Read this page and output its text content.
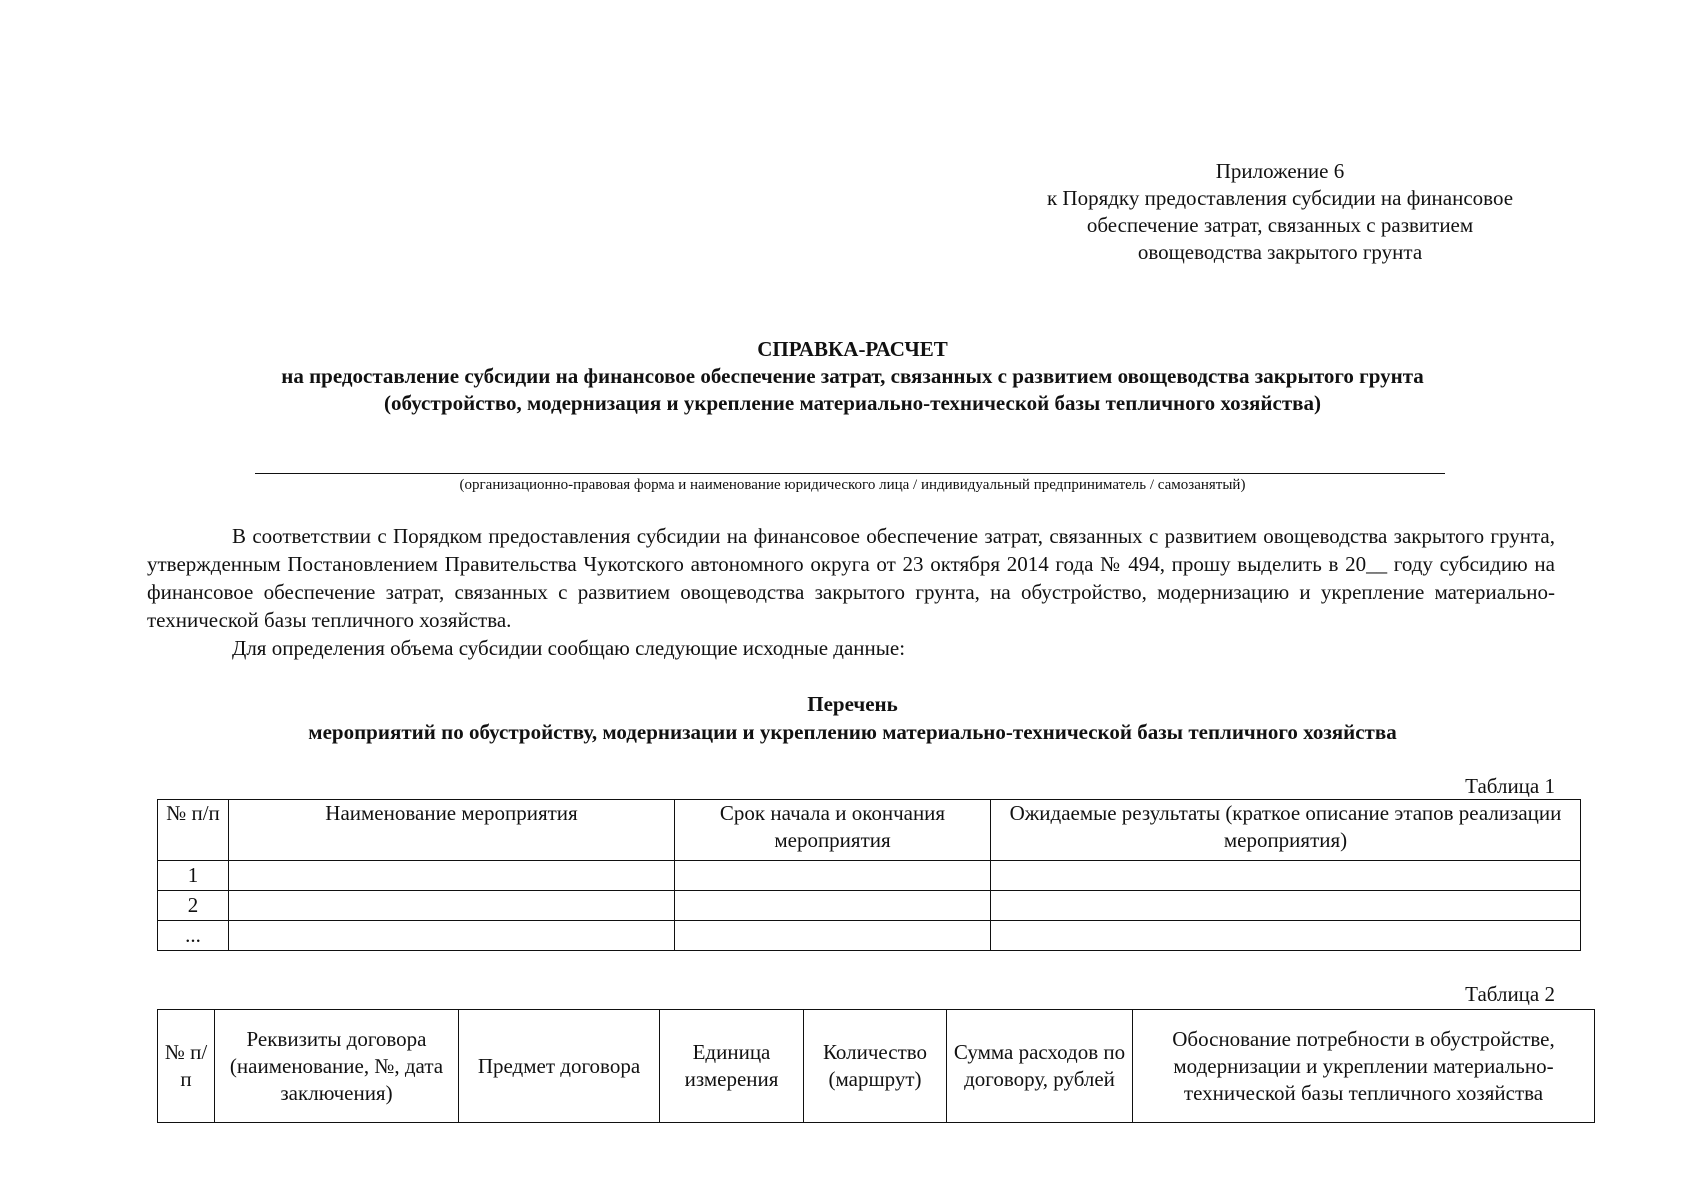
Приложение 6
к Порядку предоставления субсидии на финансовое
обеспечение затрат, связанных с развитием
овощеводства закрытого грунта
СПРАВКА-РАСЧЕТ
на предоставление субсидии на финансовое обеспечение затрат, связанных с развитием овощеводства закрытого грунта
(обустройство, модернизация и укрепление материально-технической базы тепличного хозяйства)
(организационно-правовая форма и наименование юридического лица / индивидуальный предприниматель / самозанятый)

В соответствии с Порядком предоставления субсидии на финансовое обеспечение затрат, связанных с развитием овощеводства закрытого грунта, утвержденным Постановлением Правительства Чукотского автономного округа от 23 октября 2014 года № 494, прошу выделить в 20__ году субсидию на финансовое обеспечение затрат, связанных с развитием овощеводства закрытого грунта, на обустройство, модернизацию и укрепление материально-технической базы тепличного хозяйства.

Для определения объема субсидии сообщаю следующие исходные данные:

Перечень
мероприятий по обустройству, модернизации и укреплению материально-технической базы тепличного хозяйства
Таблица 1
№ п/п	Наименование мероприятия	Срок начала и окончания мероприятия	Ожидаемые результаты (краткое описание этапов реализации мероприятия)
1			
2			
...			
Таблица 2
№ п/п	Реквизиты договора (наименование, №, дата заключения)	Предмет договора	Единица измерения	Количество (маршрут)	Сумма расходов по договору, рублей	Обоснование потребности в обустройстве, модернизации и укреплении материально-технической базы тепличного хозяйства
